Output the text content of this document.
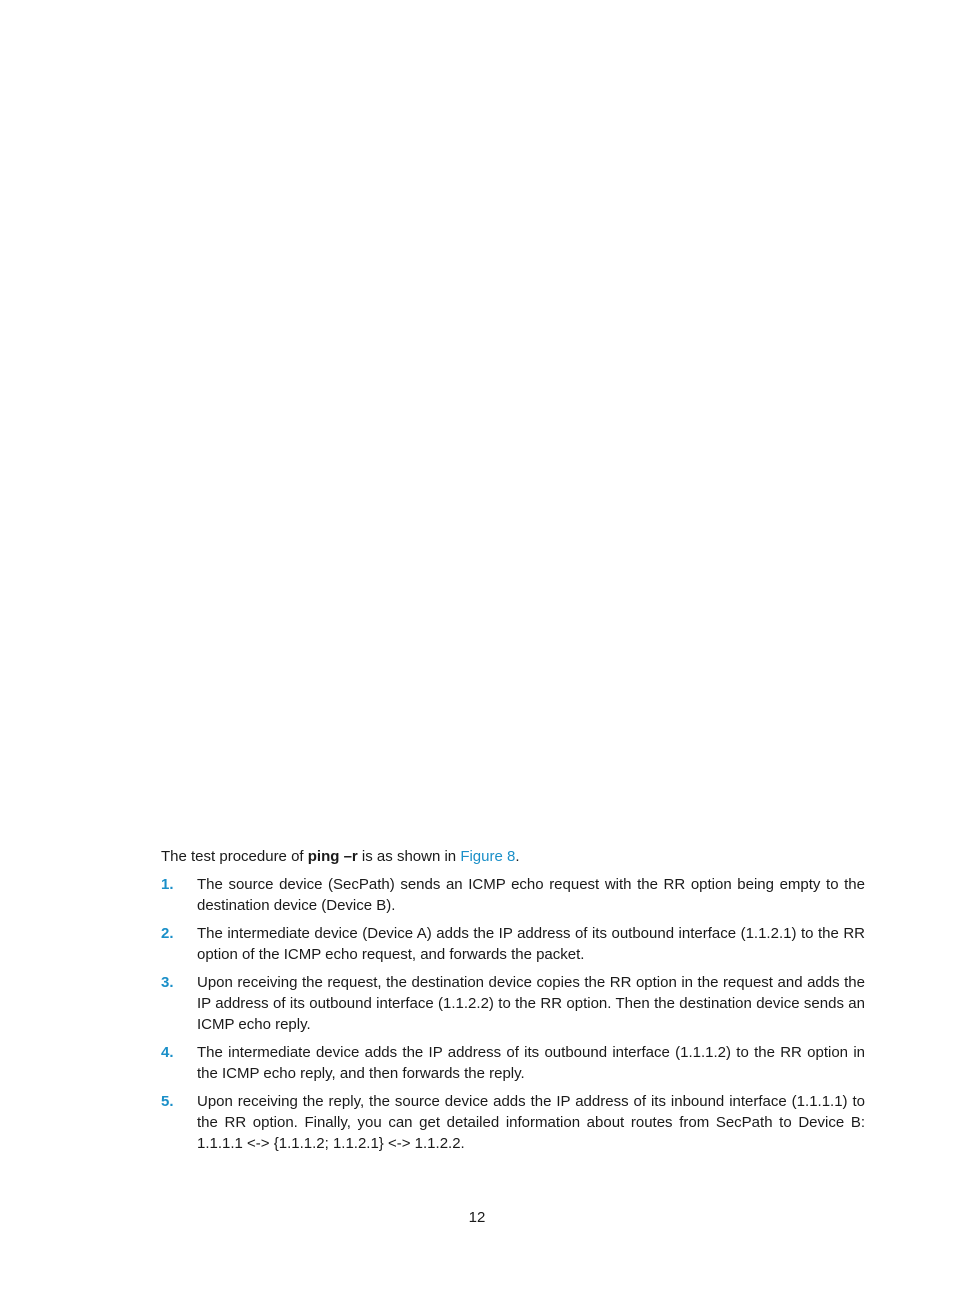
The test procedure of ping –r is as shown in Figure 8.

1. The source device (SecPath) sends an ICMP echo request with the RR option being empty to the destination device (Device B).
2. The intermediate device (Device A) adds the IP address of its outbound interface (1.1.2.1) to the RR option of the ICMP echo request, and forwards the packet.
3. Upon receiving the request, the destination device copies the RR option in the request and adds the IP address of its outbound interface (1.1.2.2) to the RR option. Then the destination device sends an ICMP echo reply.
4. The intermediate device adds the IP address of its outbound interface (1.1.1.2) to the RR option in the ICMP echo reply, and then forwards the reply.
5. Upon receiving the reply, the source device adds the IP address of its inbound interface (1.1.1.1) to the RR option. Finally, you can get detailed information about routes from SecPath to Device B: 1.1.1.1 <-> {1.1.1.2; 1.1.2.1} <-> 1.1.2.2.
12
